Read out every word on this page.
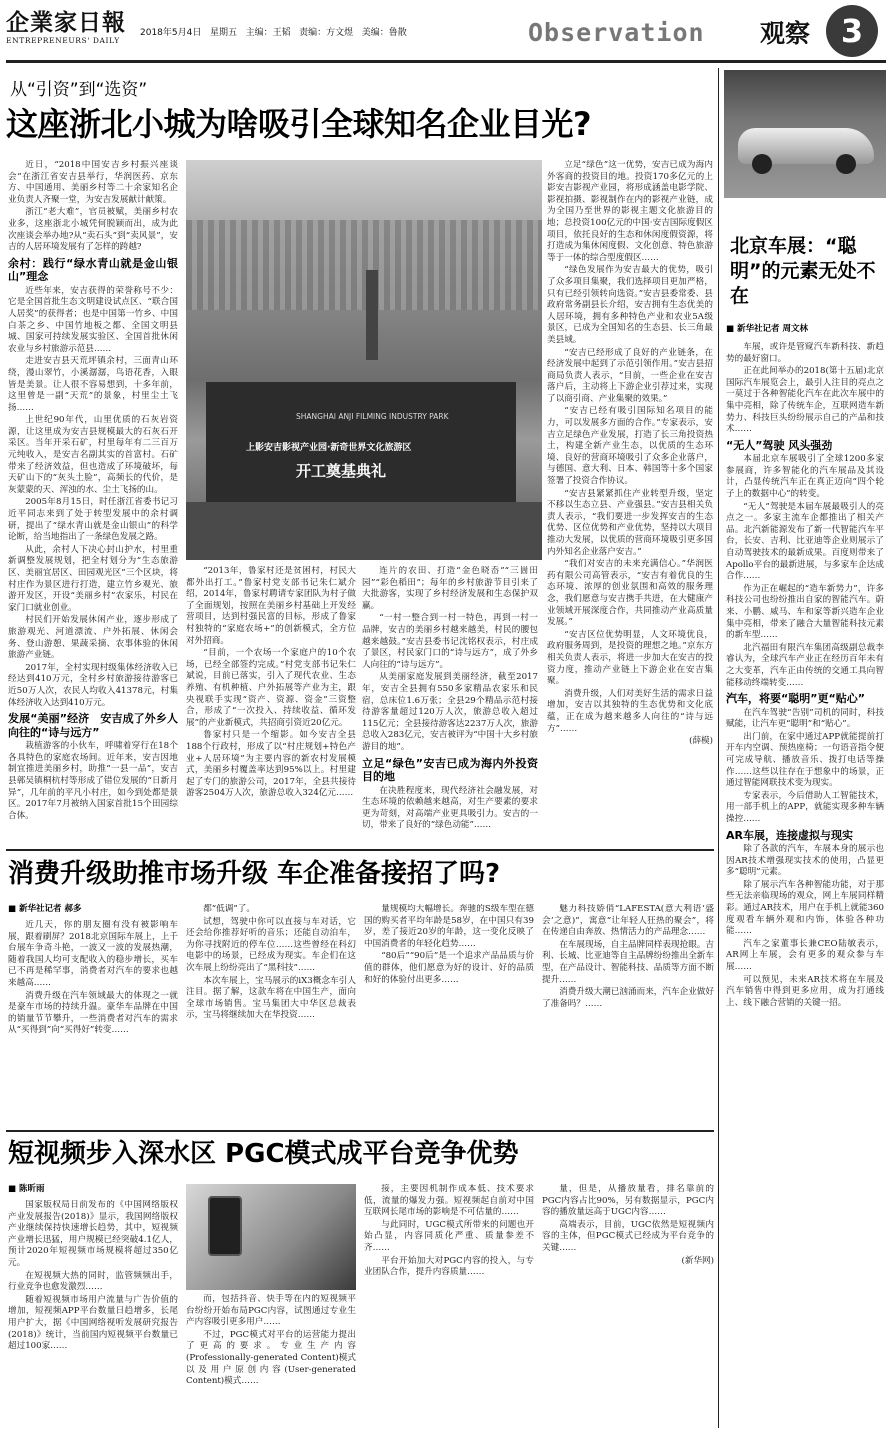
企業家日報
ENTREPRENEURS' DAILY
2018年5月4日 星期五 主编：王韬 责编：方文煜 美编：鲁散	Observation	观察 3
从“引资”到“选资”
这座浙北小城为啥吸引全球知名企业目光?

近日，“2018中国安吉乡村振兴座谈会”在浙江省安吉县举行，华润医药、京东方、中国通用、美丽乡村等二十余家知名企业负责人齐聚一堂，为安吉发展献计献策。

浙江“老大难”，官员被赋，美丽乡村农业多，这座浙北小城凭何脱颖而出，成为此次座谈会举办地?从“卖石头”到“卖风景”，安吉的人居环境发展有了怎样的跨越?

余村：践行“绿水青山就是金山银山”理念

近些年来，安吉获得的荣誉称号不少：它是全国首批生态文明建设试点区、“联合国人居奖”的获得者；也是中国第一竹乡、中国白茶之乡、中国竹地板之都、全国文明县城、国家可持续发展实验区、全国首批休闲农业与乡村旅游示范县……

走进安吉县天荒坪镇余村，三面青山环绕，漫山翠竹，小溪潺潺，鸟语花香，入眼皆是美景。让人很不容易想到，十多年前，这里曾是一副“天荒”的景象，村里尘土飞扬……

上世纪90年代，山里优质的石灰岩资源，让这里成为安吉县规模最大的石灰石开采区。当年开采石矿，村里每年有二三百万元纯收入，是安吉名副其实的首富村。石矿带来了经济效益，但也造成了环境破坏，每天矿山下的“灰头土脸”，高频长的代价，是灰蒙蒙的天、浑浊的水、尘土飞扬的山。

2005年8月15日，时任浙江省委书记习近平同志来到了处于转型发展中的余村调研，提出了“绿水青山就是金山银山”的科学论断，给当地指出了一条绿色发展之路。

从此，余村人下决心封山护水，村里重新调整发展规划，把全村划分为“生态旅游区、美丽宜居区、田园观光区”三个区块，将村庄作为景区进行打造，建立竹乡观光、旅游开发区，开设“美丽乡村”农家乐，村民在家门口就业创业。

村民们开始发展休闲产业，逐步形成了旅游观光、河道漂流、户外拓展、休闲会务、登山游憩、果蔬采摘、农事体验的休闲旅游产业链。

2017年，全村实现村级集体经济收入已经达到410万元，全村乡村旅游接待游客已近50万人次，农民人均收入41378元，村集体经济收入达到410万元。

发展“美丽”经济　安吉成了外乡人向往的“诗与远方”

栽植游客的小伙车，呼啸着穿行在18个各具特色的家庭农场间。近年来，安吉因地制宜推进美丽乡村，助推“一县一品”，安吉县鄣吴镇桐杭村等形成了错位发展的“日新月异”，几年前的平凡小村庄，如今到处都是景区。2017年7月被纳入国家首批15个田园综合体。

SHANGHAI ANJI FILMING INDUSTRY PARK
上影安吉影视产业园·新奇世界文化旅游区
开工奠基典礼

“2013年，鲁家村还是贫困村，村民大都外出打工。”鲁家村党支部书记朱仁斌介绍，2014年，鲁家村聘请专家团队为村子做了全面规划，按照在美丽乡村基础上开发经营项目，达到村强民富的目标，形成了鲁家村独特的“家庭农场+”的创新模式，全方位对外招商。

“目前，一个农场一个家庭户的10个农场，已经全部签约完成。”村党支部书记朱仁斌说，目前已落实，引入了现代农业、生态养殖、有机种植、户外拓展等产业为主，跟央视联手实现“资产、资源、资金”三资整合，形成了“一次投入、持续收益、循环发展”的产业新模式，共招商引资近20亿元。

鲁家村只是一个缩影。如今安吉全县188个行政村，形成了以“村庄规划+特色产业+人居环境”为主要内容的新农村发展模式，美丽乡村覆盖率达到95%以上。村里建起了专门的旅游公司，2017年，全县共接待游客2504万人次，旅游总收入324亿元……

连片的农田、打造“金色晓岙”“三崮田园”“彩色稻田”；每年的乡村旅游节目引来了大批游客，实现了乡村经济发展和生态保护双赢。

“一村一整合到一村一特色，再到一村一品牌，安吉的美丽乡村越来越美，村民的腰包越来越鼓。”安吉县委书记沈铭权表示，村庄成了景区，村民家门口的“诗与远方”，成了外乡人向往的“诗与远方”。

从美丽家庭发展到美丽经济，截至2017年，安吉全县拥有550多家精品农家乐和民宿，总床位1.6万张；全县29个精品示范村接待游客量超过120万人次，旅游总收入超过115亿元；全县接待游客达2237万人次，旅游总收入283亿元，安吉被评为“中国十大乡村旅游目的地”。

立足“绿色”安吉已成为海内外投资目的地

在决胜程度来，现代经济社会融发展，对生态环境的依赖越来越高，对生产要素的要求更为苛刻，对高端产业更具吸引力。安吉的一切，带来了良好的“绿色动能”……

立足“绿色”这一优势，安吉已成为海内外客商的投资目的地。投资170多亿元的上影安吉影视产业园，将形成涵盖电影学院、影视拍摄、影视制作在内的影视产业链，成为全国乃至世界的影视主题文化旅游目的地；总投资100亿元的中国·安吉国际度假区项目，依托良好的生态和休闲度假资源，将打造成为集休闲度假、文化创意、特色旅游等于一体的综合型度假区……

“绿色发展作为安吉最大的优势，吸引了众多项目集聚，我们选择项目更加严格，只有已经引领转向选资。”安吉县委常委、县政府常务副县长介绍，安吉拥有生态优美的人居环境，拥有多种特色产业和农业5A级景区，已成为全国知名的生态县、长三角最美县域。

“安吉已经形成了良好的产业链条，在经济发展中起到了示范引领作用。”安吉县招商局负责人表示，“目前，一些企业在安吉落户后，主动将上下游企业引荐过来，实现了以商引商、产业集聚的效果。”

“安吉已经有吸引国际知名项目的能力，可以发展多方面的合作。”专家表示，安吉立足绿色产业发展，打造了长三角投资热土，构建全新产业生态，以优质的生态环境、良好的营商环境吸引了众多企业落户，与德国、意大利、日本、韩国等十多个国家签署了投资合作协议。

“安吉县紧紧抓住产业转型升级，坚定不移以生态立县、产业强县。”安吉县相关负责人表示，“我们要进一步发挥安吉的生态优势、区位优势和产业优势，坚持以大项目推动大发展，以优质的营商环境吸引更多国内外知名企业落户安吉。”

“我们对安吉的未来充满信心。”华润医药有限公司高管表示，“安吉有着优良的生态环境、浓厚的创业氛围和高效的服务理念，我们愿意与安吉携手共进，在大健康产业领域开展深度合作，共同推动产业高质量发展。”

“安吉区位优势明显，人文环境优良，政府服务周到，是投资的理想之地。”京东方相关负责人表示，将进一步加大在安吉的投资力度，推动产业链上下游企业在安吉集聚。

消费升级，人们对美好生活的需求日益增加，安吉以其独特的生态优势和文化底蕴，正在成为越来越多人向往的“诗与远方”……

(薛模)
北京车展：“聪明”的元素无处不在
■ 新华社记者 周文林

车展，或许是管窥汽车新科技、新趋势的最好窗口。

正在此间举办的2018(第十五届)北京国际汽车展览会上，最引人注目的亮点之一莫过于各种智能化汽车在此次车展中的集中亮相，除了传统车企，互联网造车新势力、科技巨头纷纷展示自己的产品和技术……

“无人”驾驶 风头强劲

本届北京车展吸引了全球1200多家参展商，许多智能化的汽车展品及其设计，凸显传统汽车正在真正迈向“四个轮子上的数据中心”的转变。

“无人”驾驶是本届车展最吸引人的亮点之一。多家主流车企都推出了相关产品。北汽新能源发布了新一代智能汽车平台，长安、吉利、比亚迪等企业则展示了自动驾驶技术的最新成果。百度则带来了Apollo平台的最新进展，与多家车企达成合作……

作为正在崛起的“造车新势力”，许多科技公司也纷纷推出自家的智能汽车。蔚来、小鹏、威马、车和家等新兴造车企业集中亮相，带来了融合大量智能科技元素的新车型……

北汽福田有限汽车集团高级副总裁李睿认为，全球汽车产业正在经历百年未有之大变革，汽车正由传统的交通工具向智能移动终端转变……

汽车，将要“聪明”更“贴心”

在汽车驾驶“告别”司机的同时，科技赋能，让汽车更“聪明”和“贴心”。

出门前，在家中通过APP就能提前打开车内空调、预热座椅；一句语音指令便可完成导航、播放音乐、拨打电话等操作……这些以往存在于想象中的场景，正通过智能网联技术变为现实。

专家表示，今后借助人工智能技术，用一部手机上的APP，就能实现多种车辆操控……

AR车展，连接虚拟与现实

除了各款的汽车，车展本身的展示也因AR技术增强现实技术的使用，凸显更多“聪明”元素。

除了展示汽车各种智能功能，对于那些无法亲临现场的观众，网上车展同样精彩。通过AR技术，用户在手机上就能360度观看车辆外观和内饰，体验各种功能……

汽车之家董事长兼CEO陆敏表示，AR网上车展，会有更多的观众参与车展……

可以预见，未来AR技术将在车展及汽车销售中得到更多应用，成为打通线上、线下融合营销的关键一招。

消费升级助推市场升级 车企准备接招了吗?
■ 新华社记者 郝多

近几天，你的朋友圈有没有被影响车展，跟着刷屏？2018北京国际车展上，上千台展车争奇斗艳，一波又一波的发展热潮，随着我国人均可支配收入的稳步增长，买车已不再是稀罕事，消费者对汽车的要求也越来越高……

消费升级在汽车领域最大的体现之一就是豪车市场的持续升温。豪华车品牌在中国的销量节节攀升，一些消费者对汽车的需求从“买得到”向“买得好”转变……

都“低调”了。

试想，驾驶中你可以直接与车对话，它还会给你推荐好听的音乐；还能自动泊车，为你寻找附近的停车位……这些曾经在科幻电影中的场景，已经成为现实。车企们在这次车展上纷纷亮出了“黑科技”……

本次车展上，宝马展示的iX3概念车引人注目。据了解，这款车将在中国生产，面向全球市场销售。宝马集团大中华区总裁表示，宝马将继续加大在华投资……

量规模均大幅增长。奔驰的S级车型在德国的购买者平均年龄是58岁，在中国只有39岁，差了接近20岁的年龄，这一变化反映了中国消费者的年轻化趋势……

“80后”“90后”是一个追求产品品质与价值的群体，他们愿意为好的设计、好的品质和好的体验付出更多……

魅力科技娇俏“LAFESTA(意大利语‘盛会’之意)”，寓意“让年轻人狂热的聚会”，将在传递自由奔放、热情活力的产品理念……

在车展现场，自主品牌同样表现抢眼。吉利、长城、比亚迪等自主品牌纷纷推出全新车型，在产品设计、智能科技、品质等方面不断提升……

消费升级大潮已汹涌而来，汽车企业做好了准备吗？……

短视频步入深水区 PGC模式成平台竞争优势
■ 陈昕雨

国家版权局日前发布的《中国网络版权产业发展报告(2018)》显示，我国网络版权产业继续保持快速增长趋势，其中，短视频产业增长迅猛，用户规模已经突破4.1亿人，预计2020年短视频市场规模将超过350亿元。

在短视频大热的同时，监管频频出手，行业竞争也愈发激烈……

随着短视频市场用户流量与广告价值的增加，短视频APP平台数量日趋增多，长尾用户扩大，据《中国网络视听发展研究报告(2018)》统计，当前国内短视频平台数量已超过100家……

而，包括抖音、快手等在内的短视频平台纷纷开始布局PGC内容，试图通过专业生产内容吸引更多用户……

不过，PGC模式对平台的运营能力提出了更高的要求。专业生产内容(Professionally-generated Content)模式以及用户原创内容(User-generated Content)模式……

接，主要因机制作成本低、技术要求低，流量的爆发力强。短视频起自前对中国互联网长尾市场的影响是不可估量的……

与此同时，UGC模式所带来的问题也开始凸显，内容同质化严重、质量参差不齐……

平台开始加大对PGC内容的投入，与专业团队合作，提升内容质量……

量，但是，从播放量看，排名靠前的PGC内容占比90%，另有数据显示，PGC内容的播放量远高于UGC内容……

高端表示，目前，UGC依然是短视频内容的主体，但PGC模式已经成为平台竞争的关键……

(新华网)
